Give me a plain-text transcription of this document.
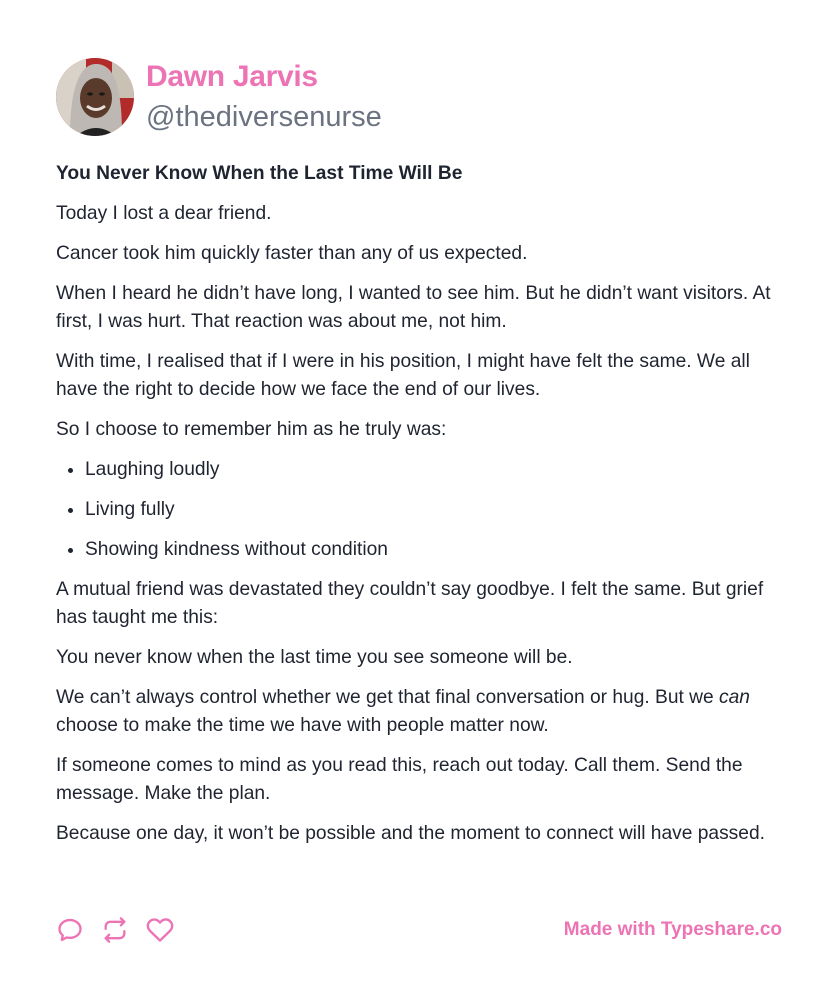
Dawn Jarvis
@thediversenurse

You Never Know When the Last Time Will Be

Today I lost a dear friend.

Cancer took him quickly faster than any of us expected.

When I heard he didn’t have long, I wanted to see him. But he didn’t want visitors. At first, I was hurt. That reaction was about me, not him.

With time, I realised that if I were in his position, I might have felt the same. We all have the right to decide how we face the end of our lives.

So I choose to remember him as he truly was:

• Laughing loudly
• Living fully
• Showing kindness without condition

A mutual friend was devastated they couldn’t say goodbye. I felt the same. But grief has taught me this:

You never know when the last time you see someone will be.

We can’t always control whether we get that final conversation or hug. But we can choose to make the time we have with people matter now.

If someone comes to mind as you read this, reach out today. Call them. Send the message. Make the plan.

Because one day, it won’t be possible and the moment to connect will have passed.

Made with Typeshare.co
